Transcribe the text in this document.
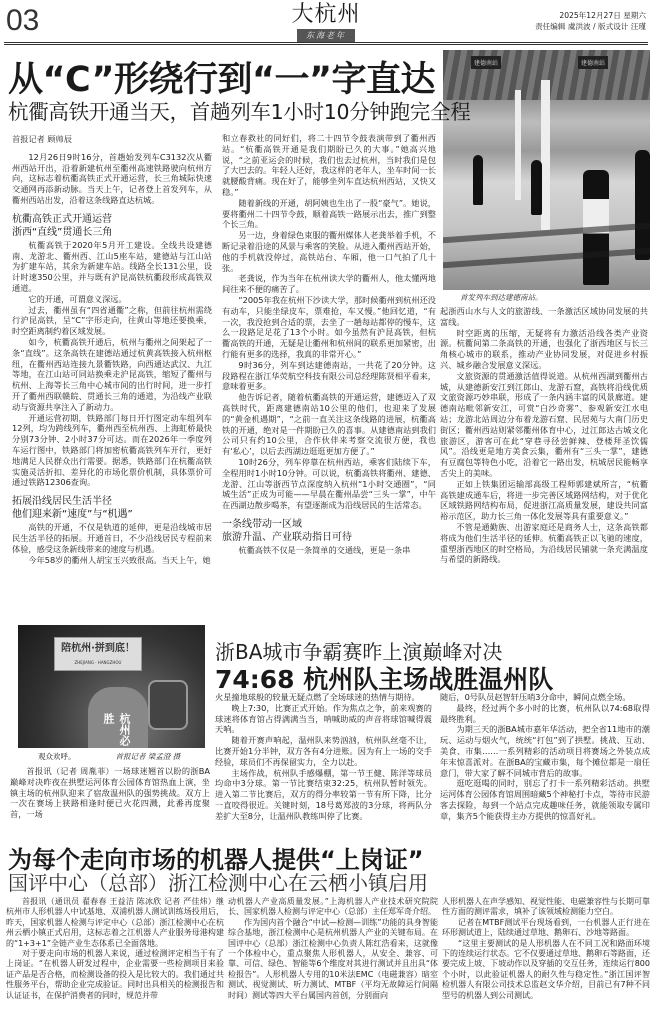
03	大杭州
东海老年
2025年12月27日 星期六
责任编辑 虞洪波 / 版式设计 汪瑾
建德南站	建德南站
首发列车到达建德南站。
从“C”形绕行到“一”字直达
杭衢高铁开通当天，首趟列车1小时10分钟跑完全程

首报记者 顾帅辰

12月26日9时16分，首趟始发列车C3132次从衢州西站开出，沿着新建杭州至衢州高速铁路驶向杭州方向，这标志着杭衢高铁正式开通运营，长三角城际快速交通网再添新动脉。当天上午，记者登上首发列车，从衢州西站出发，沿着这条线路直达杭城。

杭衢高铁正式开通运营
浙西“直线”贯通长三角

杭衢高铁于2020年5月开工建设。全线共设建德南、龙游北、衢州西、江山5座车站，建德站与江山站为扩建车站，其余为新建车站。线路全长131公里，设计时速350公里，并与既有沪昆高铁杭衢段形成高铁双通道。

它的开通，可谓意义深远。

过去，衢州虽有“四省通衢”之称，但前往杭州需绕行沪昆高铁，呈“C”字形走向，往黄山等地还要换乘，时空距离制约着区域发展。

如今，杭衢高铁开通后，杭州与衢州之间架起了一条“直线”。这条高铁在建德站通过杭黄高铁接入杭州枢纽，在衢州西站连接九景衢铁路，向西通达武汉、九江等地，在江山站可同站换乘走沪昆高铁，缩短了衢州与杭州、上海等长三角中心城市间的出行时间，进一步打开了衢州西联赣皖、贯通长三角的通道，为沿线产业联动与资源共享注入了新动力。

开通运营初期，铁路部门每日开行图定动车组列车12列，均为跨线列车，衢州西至杭州西、上海虹桥最快分别73分钟、2小时37分可达。而在2026年一季度列车运行图中，铁路部门将加密杭衢高铁列车开行，更好地满足人民群众出行需要。据悉，铁路部门在杭衢高铁实施灵活折扣、差异化的市场化票价机制，具体票价可通过铁路12306查询。

拓展沿线居民生活半径
他们迎来新“速度”与“机遇”

高铁的开通，不仅是轨道的延伸，更是沿线城市居民生活半径的拓展。开通首日，不少沿线居民专程前来体验，感受这条新线带来的速度与机遇。

今年58岁的衢州人胡宝玉兴致很高。当天上午，她

和立春救社的同好们，将二十四节令鼓表演带到了衢州西站。“杭衢高铁开通是我们期盼已久的大事。”她高兴地说，“之前亚运会的时候，我们也去过杭州，当时我们是包了大巴去的。年轻人还好，我这样的老年人，坐车时间一长就腰酸背痛。现在好了，能够坐列车直达杭州西站，又快又稳。”

随着新线的开通，胡阿姨也生出了一股“豪气”。她说，要将衢州二十四节令鼓，顺着高铁一路展示出去，推广到整个长三角。

另一边，身着绿色束服的衢州媒体人老龚举着手机，不断记录着沿途的风景与乘客的笑脸。从进入衢州西站开始，他的手机就没停过，高铁站台、车厢，他一口气拍了几十张。

老龚说，作为当年在杭州读大学的衢州人，他太懂两地间往来不便的痛苦了。

“2005年我在杭州下沙读大学，那时候衢州到杭州还没有动车，只能坐绿皮车，票难抢，车又慢。”他回忆道，“有一次，我没抢到合适的票，去坐了一趟每站都停的慢车，这么一段路足足花了13个小时。如今虽然有沪昆高铁，但杭衢高铁的开通，无疑是让衢州和杭州间的联系更加紧密，出行能有更多的选择，我真的非常开心。”

9时36分，列车到达建德南站，一共花了20分钟。这段路程在浙江华荧航空科技有限公司总经理陈贤相平看来，意味着更多。

他告诉记者，随着杭衢高铁的开通运营，建德迈入了双高铁时代，距离建德南站10公里的他们，也迎来了发展的“黄金机遇期”，“之前一直关注这条线路的进展，杭衢高铁的开通，绝对是一件期盼已久的喜事。从建德南站到我们公司只有约10公里，合作伙伴来考察交流很方便，我也有‘私心’，以后去西湖边逛逛更加方便了。”

10时26分，列车停靠在杭州西站，乘客们陆续下车，全程用时1小时10分钟。可以说，杭衢高铁将衢州、建德、龙游、江山等浙西节点深度纳入杭州“1小时交通圈”，“同城生活”正成为可能——早晨在衢州品尝“三头一掌”，中午在西湖边散步喝茶，有望逐渐成为沿线居民的生活常态。

一条线带动一区域
旅游升温、产业联动指日可待

杭衢高铁不仅是一条简单的交通线，更是一条串

起浙西山水与人文的旅游线、一条激活区域协同发展的共富线。

时空距离的压缩，无疑将有力激活沿线各类产业资源。杭衢间第二条高铁的开通，也强化了浙西地区与长三角核心城市的联系，推动产业协同发展，对促进乡村振兴、城乡融合发展意义深远。

文旅资源的贯通激活值得说道。从杭州西湖到衢州古城，从建德新安江到江郎山、龙游石窟，高铁将沿线优质文旅资源巧妙串联，形成了一条内涵丰富的风景廊道。建德南站毗邻新安江，可赏“白沙奇雾”、参观新安江水电站；龙游北站周边分布着龙游石窟、民居苑与大南门历史街区；衢州西站则紧邻衢州体育中心，过江郎达古城文化旅游区，游客可在此“穿巷寻径尝鲜辣、登楼拜圣饮儒风”。沿线更是地方美食云集，衢州有“三头一掌”，建德有豆腐包等特色小吃，沿着它一路出发，杭城居民能畅享舌尖上的美味。

正如上铁集团运输部高级工程师郭建斌所言，“杭衢高铁建成通车后，将进一步完善区域路网结构，对于优化区域铁路网结构布局，促进浙江高质量发展，建设共同富裕示范区，助力长三角一体化发展等具有重要意义。”

不管是通勤族、出游家庭还是商务人士，这条高铁都将成为他们生活半径的延伸。杭衢高铁正以飞驰的速度，重塑浙西地区的时空格局，为沿线居民铺就一条充满温度与希望的新路线。

陪杭州·拼到底！
ZHEJIANG · HANGZHOU
杭州必胜
观众欢呼。	首报记者 梁孟澄 摄
浙BA城市争霸赛昨上演巅峰对决
74:68 杭州队主场战胜温州队

首报讯（记者 周胤菲）一场球迷翘首以盼的浙BA巅峰对决昨夜在拱墅运河体育公园体育馆热血上演，坐镇主场的杭州队迎来了宿敌温州队的强势挑战。双方上一次在赛场上狭路相逢时便已火花四溅，此番再度聚首，一场

火星撞地球般的较量无疑点燃了全场球迷的热情与期待。

晚上7:30，比赛正式开始。作为焦点之争，前来观赛的球迷将体育馆占得满满当当，呐喊助威的声音将球馆喊得震天响。

随着开赛声响起，温州队来势汹汹，杭州队丝毫不让，比赛开始1分半钟，双方各有4分进账。因为有上一场的交手经验，球员们不再保留实力，全力以赴。

主场作战，杭州队手感爆棚，第一节王健、陈洋等球员均命中3分球。第一节比赛结束32:25，杭州队暂时领先。进入第二节比赛后，双方的得分率较第一节有所下降，比分一直咬得很近。关键时刻，18号葛郑波的3分球，将两队分差扩大至8分，让温州队教练叫停了比赛。

随后，0号队员赵智轩压哨3分命中，瞬间点燃全场。

最终，经过两个多小时的比赛，杭州队以74:68取得最终胜利。

为期三天的浙BA城市嘉年华活动，把全省11地市的潮玩、运动与烟火气，统统“打包”到了拱墅。挑战、互动、美食、市集……一系列精彩的活动项目将赛场之外装点成年末惊喜派对。在浙BA的宝藏市集，每个摊位都是一扇任意门，带大家了解不同城市背后的故事。

逛吃逛喝的同时，别忘了打卡一系列精彩活动。拱墅运河体育公园体育馆周围暗藏5个神秘打卡点，等待市民游客去探险，每到一个站点完成趣味任务，就能领取专属印章，集齐5个能获得主办方提供的惊喜好礼。

为每个走向市场的机器人提供“上岗证”
国评中心（总部）浙江检测中心在云栖小镇启用

首报讯（通讯员 翟春春 王益洁 陈冰欣 记者 严佳炜）继杭州市人形机器人中试基地、双浦机器人测试训练场投用后，昨天，国家机器人检测与评定中心（总部）浙江检测中心在杭州云栖小镇正式启用，这标志着之江机器人产业服务母港构建的“1+3+1”全链产业生态体系已全面落地。

对于要走向市场的机器人来说，通过检测评定相当于有了上岗证。“在机器人研发过程中，企业需要一些检测项目来验证产品是否合格，而检测设备的投入是比较大的。我们通过共性服务平台，帮助企业完成验证。同时出具相关的检测报告和认证证书，在保护消费者的同时，规范并带

动机器人产业高质量发展。”上海机器人产业技术研究院院长、国家机器人检测与评定中心（总部）主任郑军奇介绍。

作为国内首个融合“中试—检测—训练”功能的具身智能综合基地，浙江检测中心是杭州机器人产业的关键布局。在国评中心（总部）浙江检测中心负责人陈红浩看来，这就像一个体检中心，重点聚焦人形机器人，从安全、兼容、可靠、可信、绿色、智能等6个维度对其进行测试并且出具“体检报告”。人形机器人专用的10米法EMC（电磁兼容）暗室测试、视觉测试、听力测试、MTBF（平均无故障运行间隔时间）测试等四大平台属国内首创，分别面向

人形机器人在声学感知、视觉性能、电磁兼容性与长期可靠性方面的测评需求，填补了该领域检测能力空白。

记者在MTBF测试平台现场看到，一台机器人正行进在环形测试道上，陆续通过草地、鹅卵石、沙地等路面。

“这里主要测试的是人形机器人在不同工况和路面环境下的连续运行状态。它不仅要通过草地、鹅卵石等路面，还要完成上坡、下坡动作以及穿插的交互任务，连续运行800个小时，以此验证机器人的耐久性与稳定性。”浙江国评智检机器人有限公司技术总监赵文华介绍，目前已有7种不同型号的机器人到公司测试。
